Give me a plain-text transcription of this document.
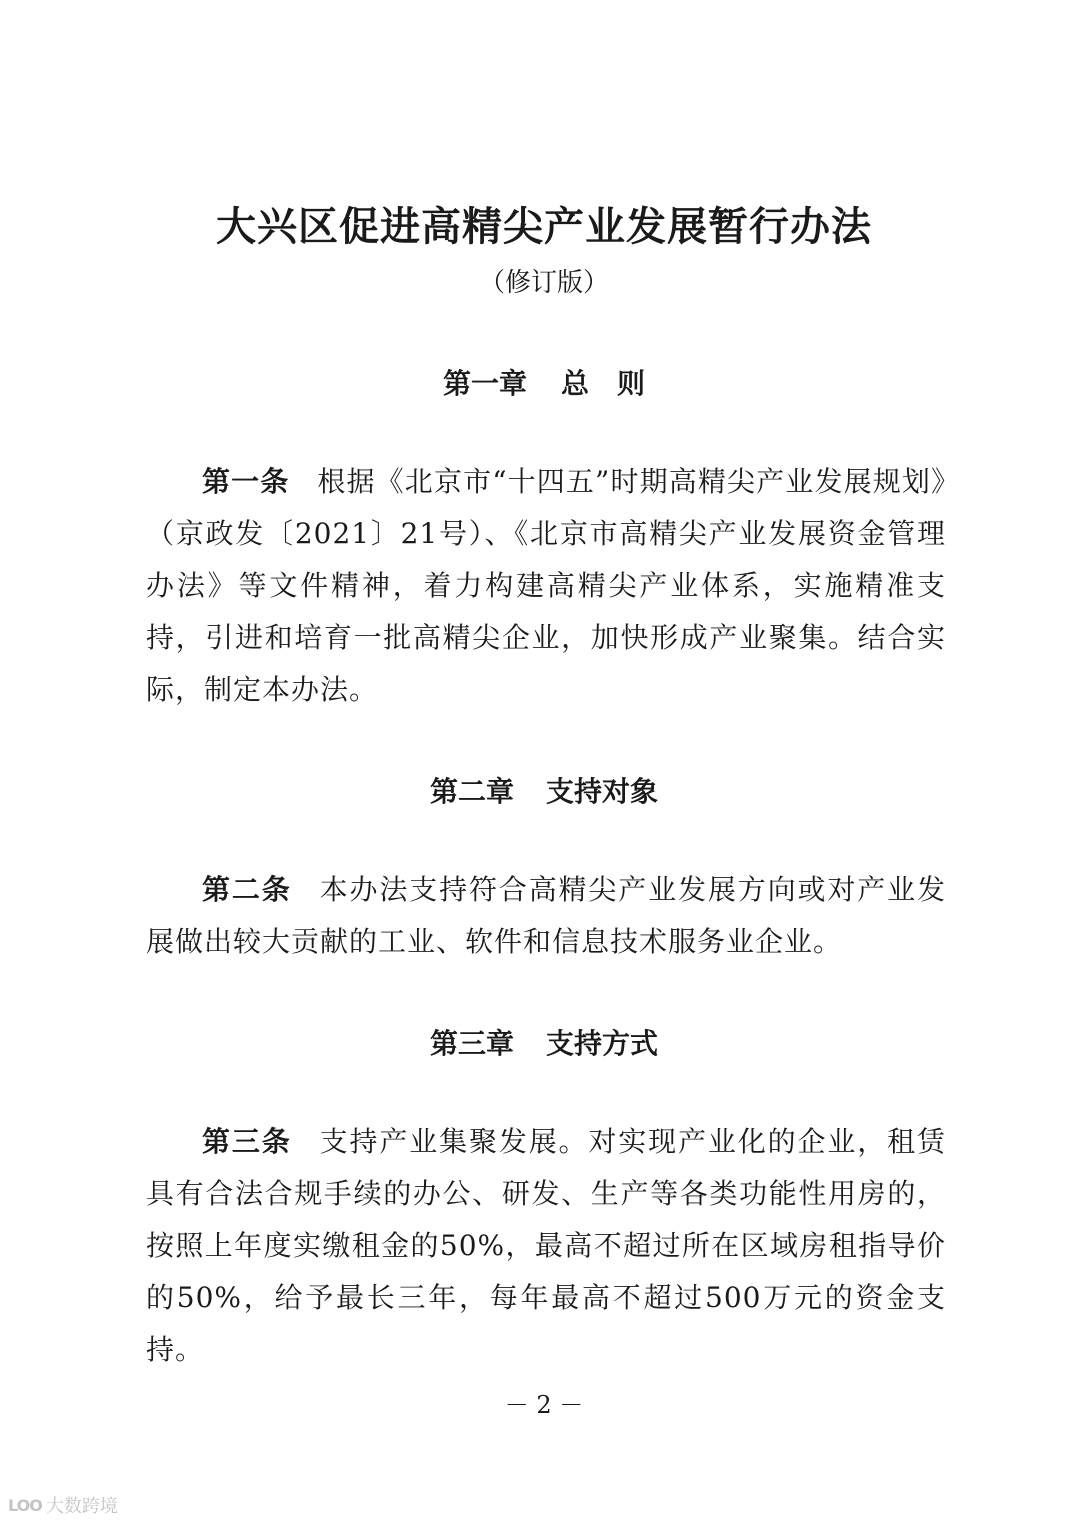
大兴区促进高精尖产业发展暂行办法
（修订版）
第一章 总　则
第一条 根据《北京市“十四五”时期高精尖产业发展规划》（京政发〔2021〕21号）、《北京市高精尖产业发展资金管理办法》等文件精神，着力构建高精尖产业体系，实施精准支持，引进和培育一批高精尖企业，加快形成产业聚集。结合实际，制定本办法。
第二章 支持对象
第二条 本办法支持符合高精尖产业发展方向或对产业发展做出较大贡献的工业、软件和信息技术服务业企业。
第三章 支持方式
第三条 支持产业集聚发展。对实现产业化的企业，租赁具有合法合规手续的办公、研发、生产等各类功能性用房的，按照上年度实缴租金的50%，最高不超过所在区域房租指导价的50%，给予最长三年，每年最高不超过500万元的资金支持。
－ 2 －
LOO 大数跨境
